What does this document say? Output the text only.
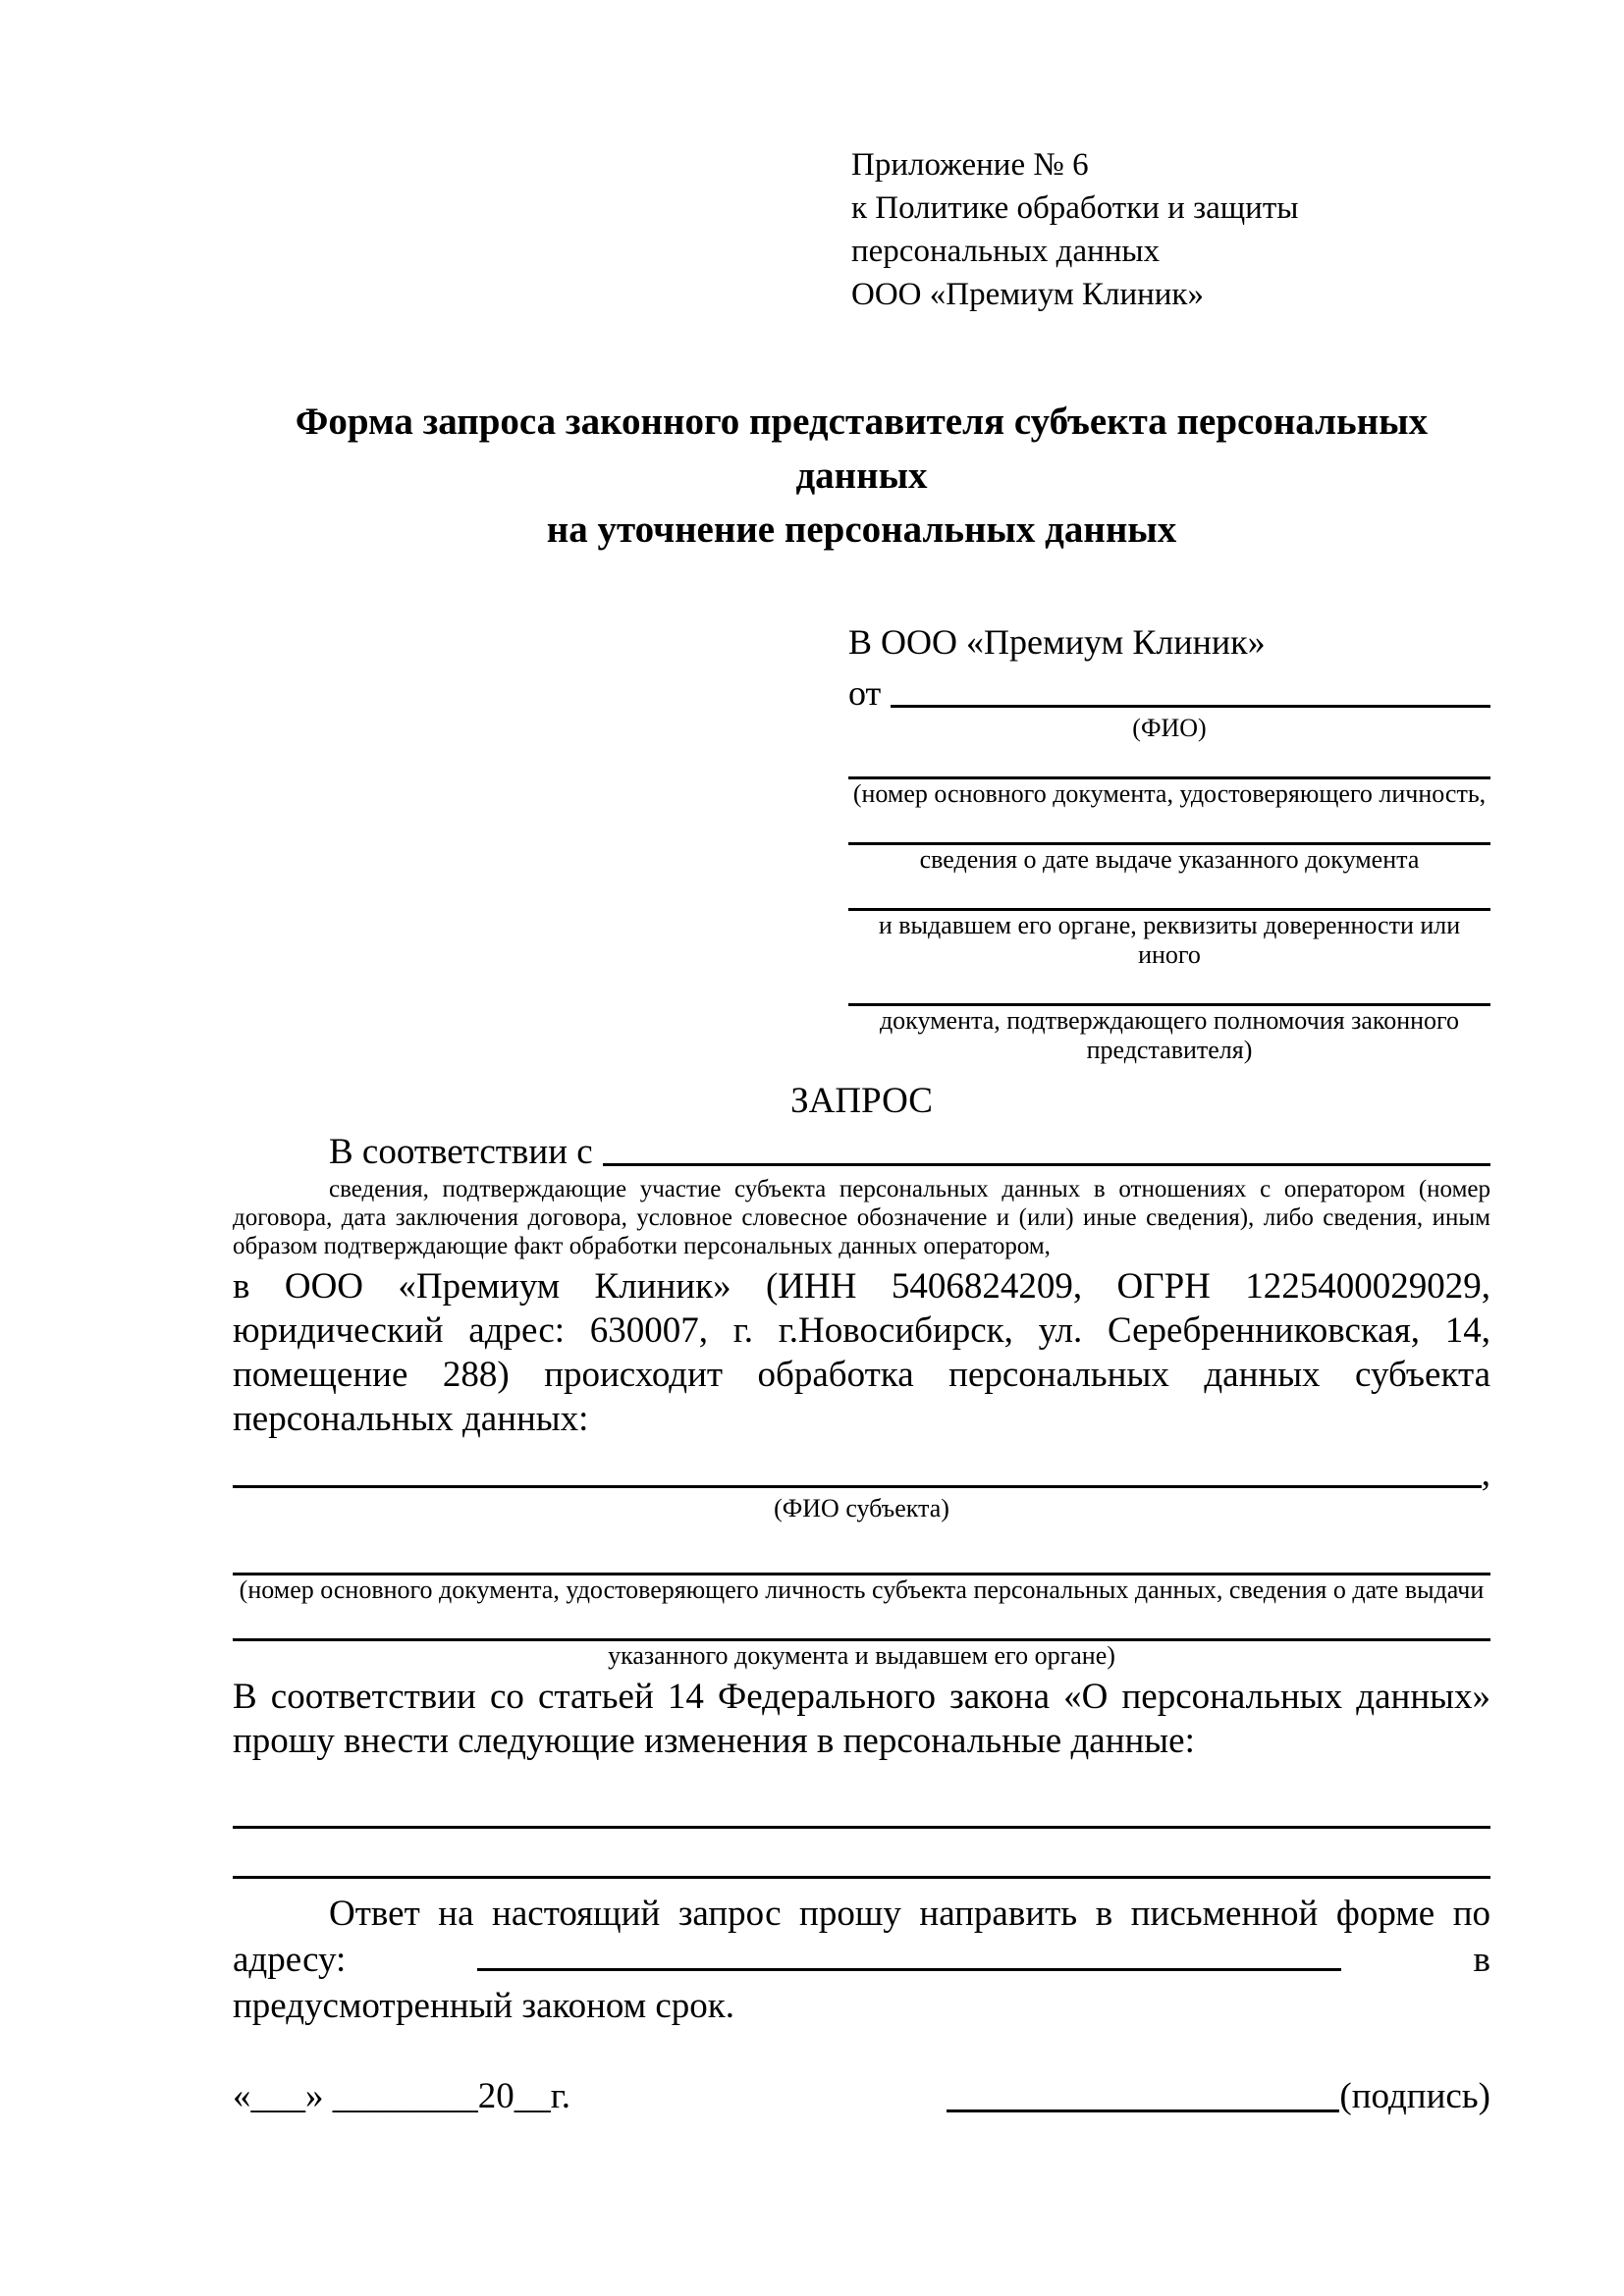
Приложение № 6
к Политике обработки и защиты
персональных данных
ООО «Премиум Клиник»
Форма запроса законного представителя субъекта персональных данных
на уточнение персональных данных
В ООО «Премиум Клиник»
от
(ФИО)
(номер основного документа, удостоверяющего личность,
сведения о дате выдаче указанного документа
и выдавшем его органе, реквизиты доверенности или иного
документа, подтверждающего полномочия законного представителя)
ЗАПРОС
В соответствии с
сведения, подтверждающие участие субъекта персональных данных в отношениях с оператором (номер договора, дата заключения договора, условное словесное обозначение и (или) иные сведения), либо сведения, иным образом подтверждающие факт обработки персональных данных оператором,
в ООО «Премиум Клиник» (ИНН 5406824209, ОГРН 1225400029029, юридический адрес: 630007, г. г.Новосибирск, ул. Серебренниковская, 14, помещение 288) происходит обработка персональных данных субъекта персональных данных:
,
(ФИО субъекта)
(номер основного документа, удостоверяющего личность субъекта персональных данных, сведения о дате выдачи
указанного документа и выдавшем его органе)
В соответствии со статьей 14 Федерального закона «О персональных данных» прошу внести следующие изменения в персональные данные:
Ответ на настоящий запрос прошу направить в письменной форме по адресу:	в предусмотренный законом срок.
«___» ________20__г.	(подпись)
